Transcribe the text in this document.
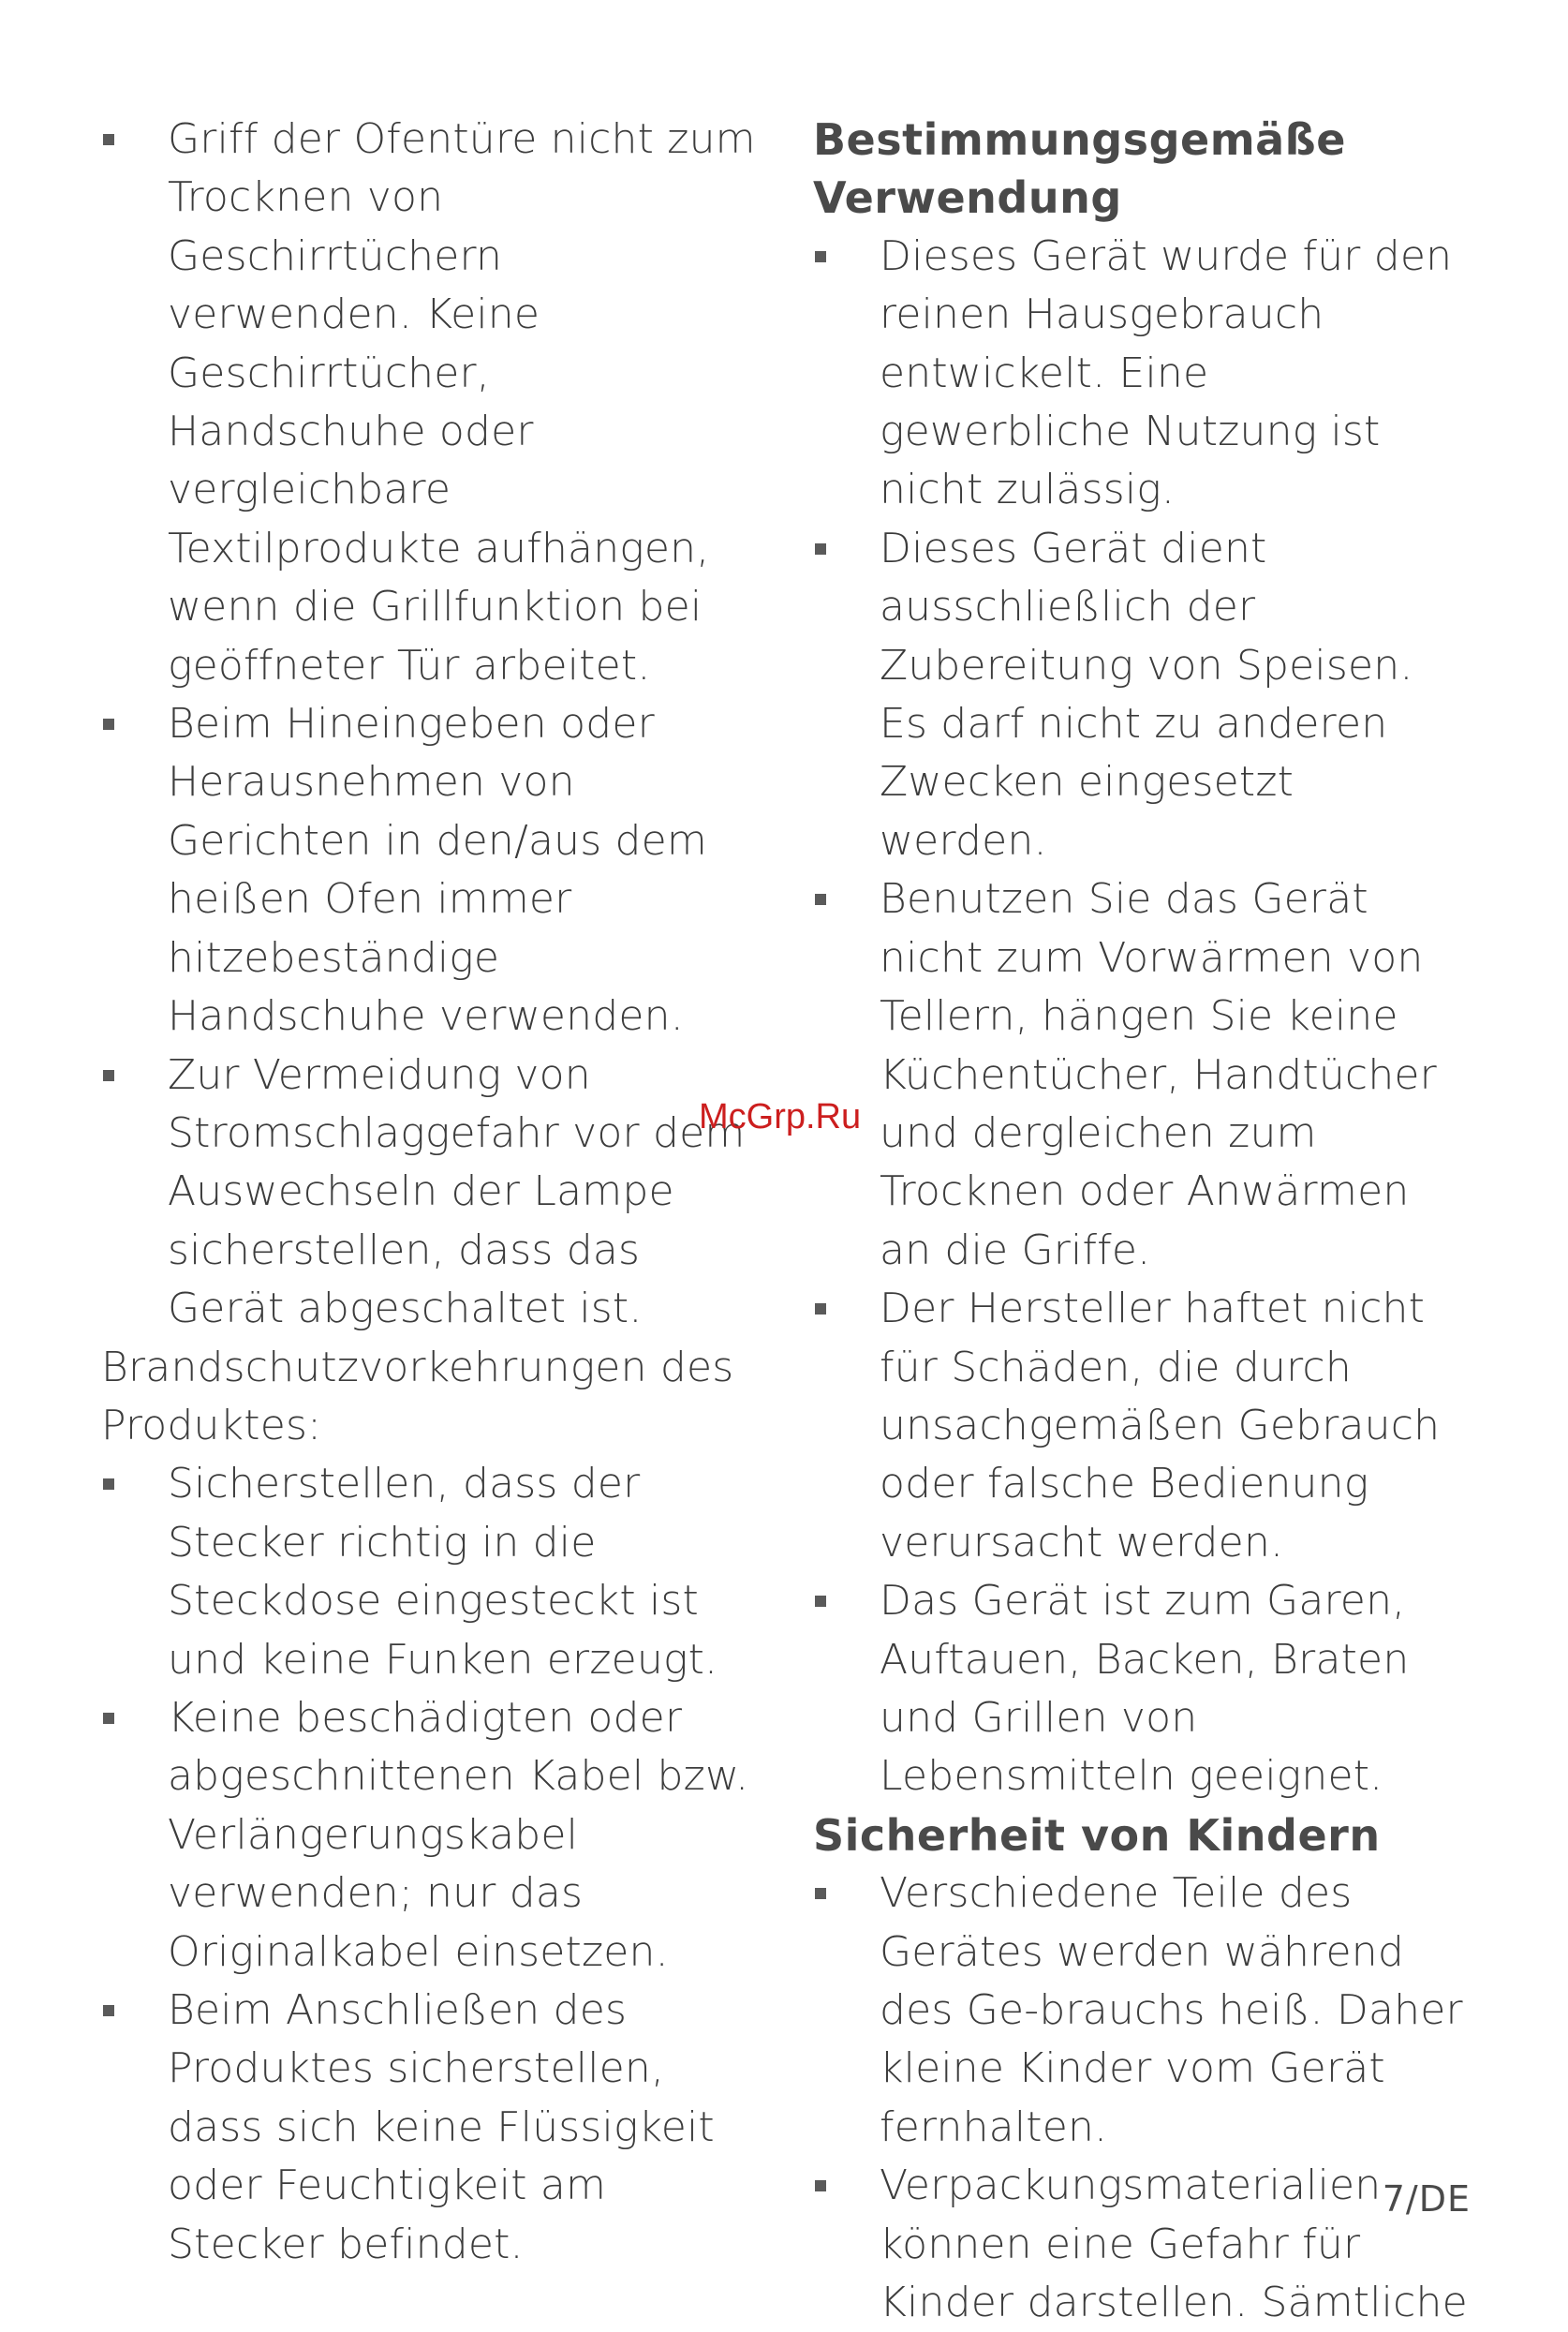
Griff der Ofentüre nicht zum Trocknen von Geschirrtüchern verwenden. Keine Geschirrtücher, Handschuhe oder vergleichbare Textilprodukte aufhängen, wenn die Grillfunktion bei geöffneter Tür arbeitet.
Beim Hineingeben oder Herausnehmen von Gerichten in den/aus dem heißen Ofen immer hitzebeständige Handschuhe verwenden.
Zur Vermeidung von Stromschlaggefahr vor dem Auswechseln der Lampe sicherstellen, dass das Gerät abgeschaltet ist.
Brandschutzvorkehrungen des Produktes:
Sicherstellen, dass der Stecker richtig in die Steckdose eingesteckt ist und keine Funken erzeugt.
Keine beschädigten oder abgeschnittenen Kabel bzw. Verlängerungskabel verwenden; nur das Originalkabel einsetzen.
Beim Anschließen des Produktes sicherstellen, dass sich keine Flüssigkeit oder Feuchtigkeit am Stecker befindet.
Bestimmungsgemäße Verwendung
Dieses Gerät wurde für den reinen Hausgebrauch entwickelt. Eine gewerbliche Nutzung ist nicht zulässig.
Dieses Gerät dient ausschließlich der Zubereitung von Speisen. Es darf nicht zu anderen Zwecken eingesetzt werden.
Benutzen Sie das Gerät nicht zum Vorwärmen von Tellern, hängen Sie keine Küchentücher, Handtücher und dergleichen zum Trocknen oder Anwärmen an die Griffe.
Der Hersteller haftet nicht für Schäden, die durch unsachgemäßen Gebrauch oder falsche Bedienung verursacht werden.
Das Gerät ist zum Garen, Auftauen, Backen, Braten und Grillen von Lebensmitteln geeignet.
Sicherheit von Kindern
Verschiedene Teile des Gerätes werden während des Ge-brauchs heiß. Daher kleine Kinder vom Gerät fernhalten.
Verpackungsmaterialien können eine Gefahr für Kinder darstellen. Sämtliche
McGrp.Ru
7/DE
